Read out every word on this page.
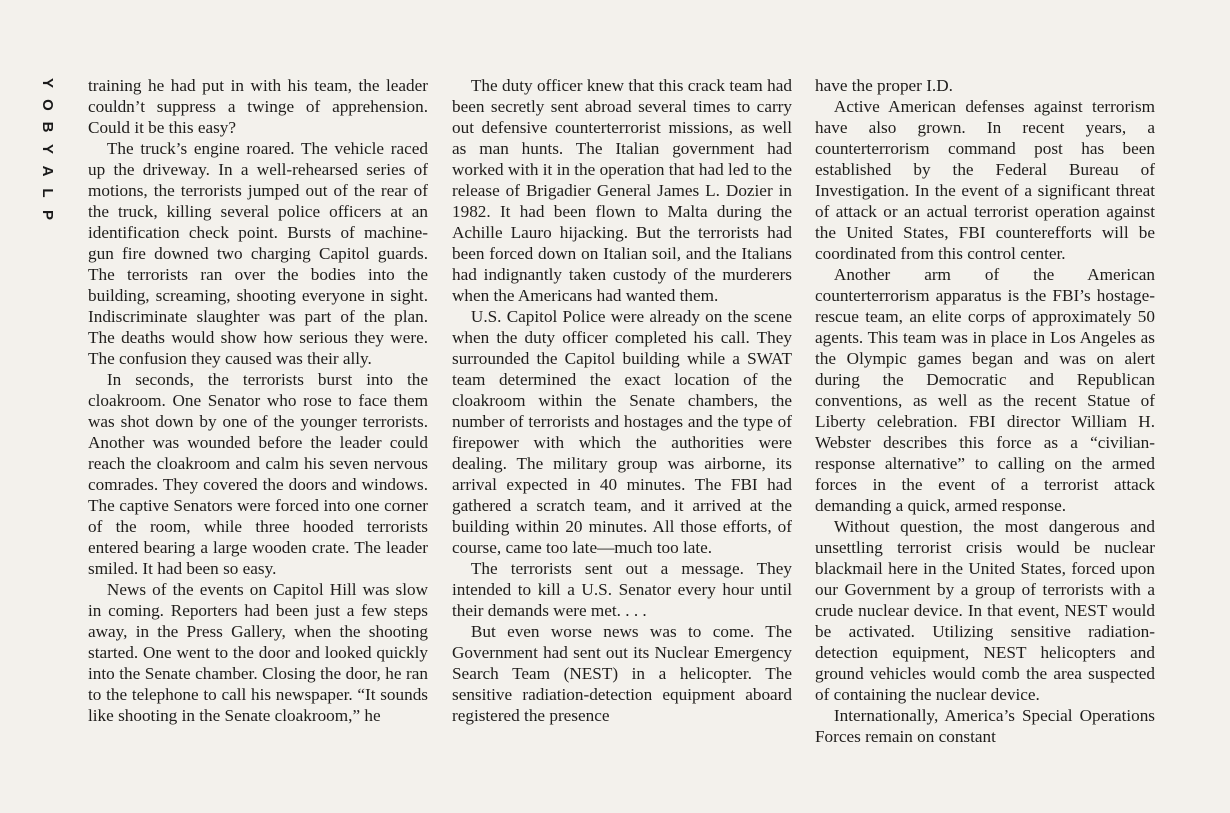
Y
O
B
Y
A
L
P

training he had put in with his team, the leader couldn’t suppress a twinge of apprehension. Could it be this easy?

The truck’s engine roared. The vehicle raced up the driveway. In a well-rehearsed series of motions, the terrorists jumped out of the rear of the truck, killing several police officers at an identification check point. Bursts of machine-gun fire downed two charging Capitol guards. The terrorists ran over the bodies into the building, screaming, shooting everyone in sight. Indiscriminate slaughter was part of the plan. The deaths would show how serious they were. The confusion they caused was their ally.

In seconds, the terrorists burst into the cloakroom. One Senator who rose to face them was shot down by one of the younger terrorists. Another was wounded before the leader could reach the cloakroom and calm his seven nervous comrades. They covered the doors and windows. The captive Senators were forced into one corner of the room, while three hooded terrorists entered bearing a large wooden crate. The leader smiled. It had been so easy.

News of the events on Capitol Hill was slow in coming. Reporters had been just a few steps away, in the Press Gallery, when the shooting started. One went to the door and looked quickly into the Senate chamber. Closing the door, he ran to the telephone to call his newspaper. “It sounds like shooting in the Senate cloakroom,” he

The duty officer knew that this crack team had been secretly sent abroad several times to carry out defensive counterterrorist missions, as well as man hunts. The Italian government had worked with it in the operation that had led to the release of Brigadier General James L. Dozier in 1982. It had been flown to Malta during the Achille Lauro hijacking. But the terrorists had been forced down on Italian soil, and the Italians had indignantly taken custody of the murderers when the Americans had wanted them.

U.S. Capitol Police were already on the scene when the duty officer completed his call. They surrounded the Capitol building while a SWAT team determined the exact location of the cloakroom within the Senate chambers, the number of terrorists and hostages and the type of firepower with which the authorities were dealing. The military group was airborne, its arrival expected in 40 minutes. The FBI had gathered a scratch team, and it arrived at the building within 20 minutes. All those efforts, of course, came too late—much too late.

The terrorists sent out a message. They intended to kill a U.S. Senator every hour until their demands were met. . . .

But even worse news was to come. The Government had sent out its Nuclear Emergency Search Team (NEST) in a helicopter. The sensitive radiation-detection equipment aboard registered the presence

have the proper I.D.

Active American defenses against terrorism have also grown. In recent years, a counterterrorism command post has been established by the Federal Bureau of Investigation. In the event of a significant threat of attack or an actual terrorist operation against the United States, FBI counterefforts will be coordinated from this control center.

Another arm of the American counterterrorism apparatus is the FBI’s hostage-rescue team, an elite corps of approximately 50 agents. This team was in place in Los Angeles as the Olympic games began and was on alert during the Democratic and Republican conventions, as well as the recent Statue of Liberty celebration. FBI director William H. Webster describes this force as a “civilian-response alternative” to calling on the armed forces in the event of a terrorist attack demanding a quick, armed response.

Without question, the most dangerous and unsettling terrorist crisis would be nuclear blackmail here in the United States, forced upon our Government by a group of terrorists with a crude nuclear device. In that event, NEST would be activated. Utilizing sensitive radiation-detection equipment, NEST helicopters and ground vehicles would comb the area suspected of containing the nuclear device.

Internationally, America’s Special Operations Forces remain on constant
